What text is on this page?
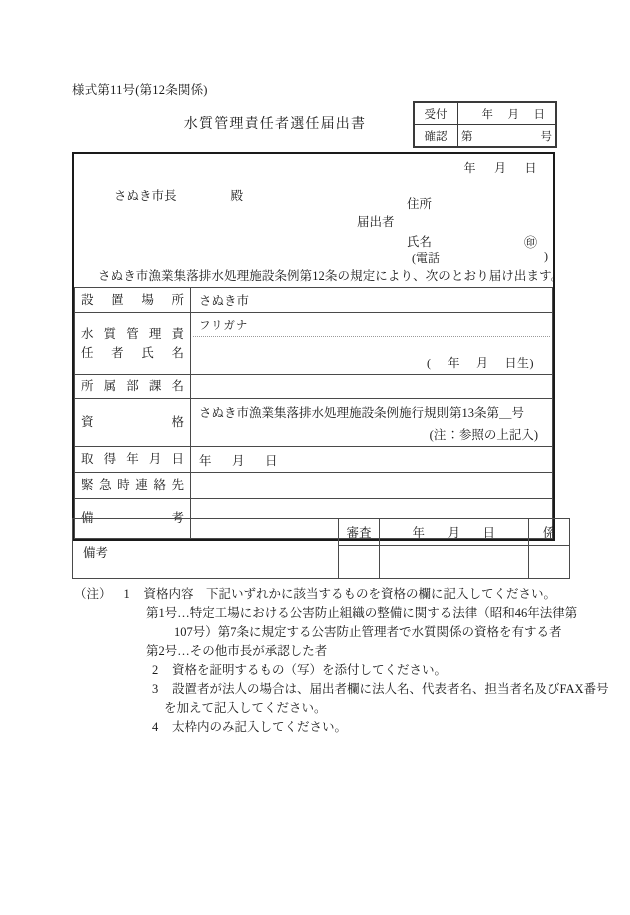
様式第11号(第12条関係)
水質管理責任者選任届出書
受付	年 月 日

確認	第 号
年 月 日
さぬき市長	殿
届出者
住所
氏名	㊞
(電話	)
さぬき市漁業集落排水処理施設条例第12条の規定により、次のとおり届け出ます。
設置場所	さぬき市

水質管理責
任者氏名

フリガナ
( 年 月 日生)

所属部課名	

資格	さぬき市漁業集落排水処理施設条例施行規則第13条第＿号
(注：参照の上記入)

取得年月日	年 月 日

緊急時連絡先	

備考	

備考	審査	年 月 日	係

（注） 1 資格内容　下記いずれかに該当するものを資格の欄に記入してください。
第1号…特定工場における公害防止組織の整備に関する法律（昭和46年法律第
107号）第7条に規定する公害防止管理者で水質関係の資格を有する者
第2号…その他市長が承認した者
2 資格を証明するもの（写）を添付してください。
3 設置者が法人の場合は、届出者欄に法人名、代表者名、担当者名及びFAX番号
を加えて記入してください。
4 太枠内のみ記入してください。
